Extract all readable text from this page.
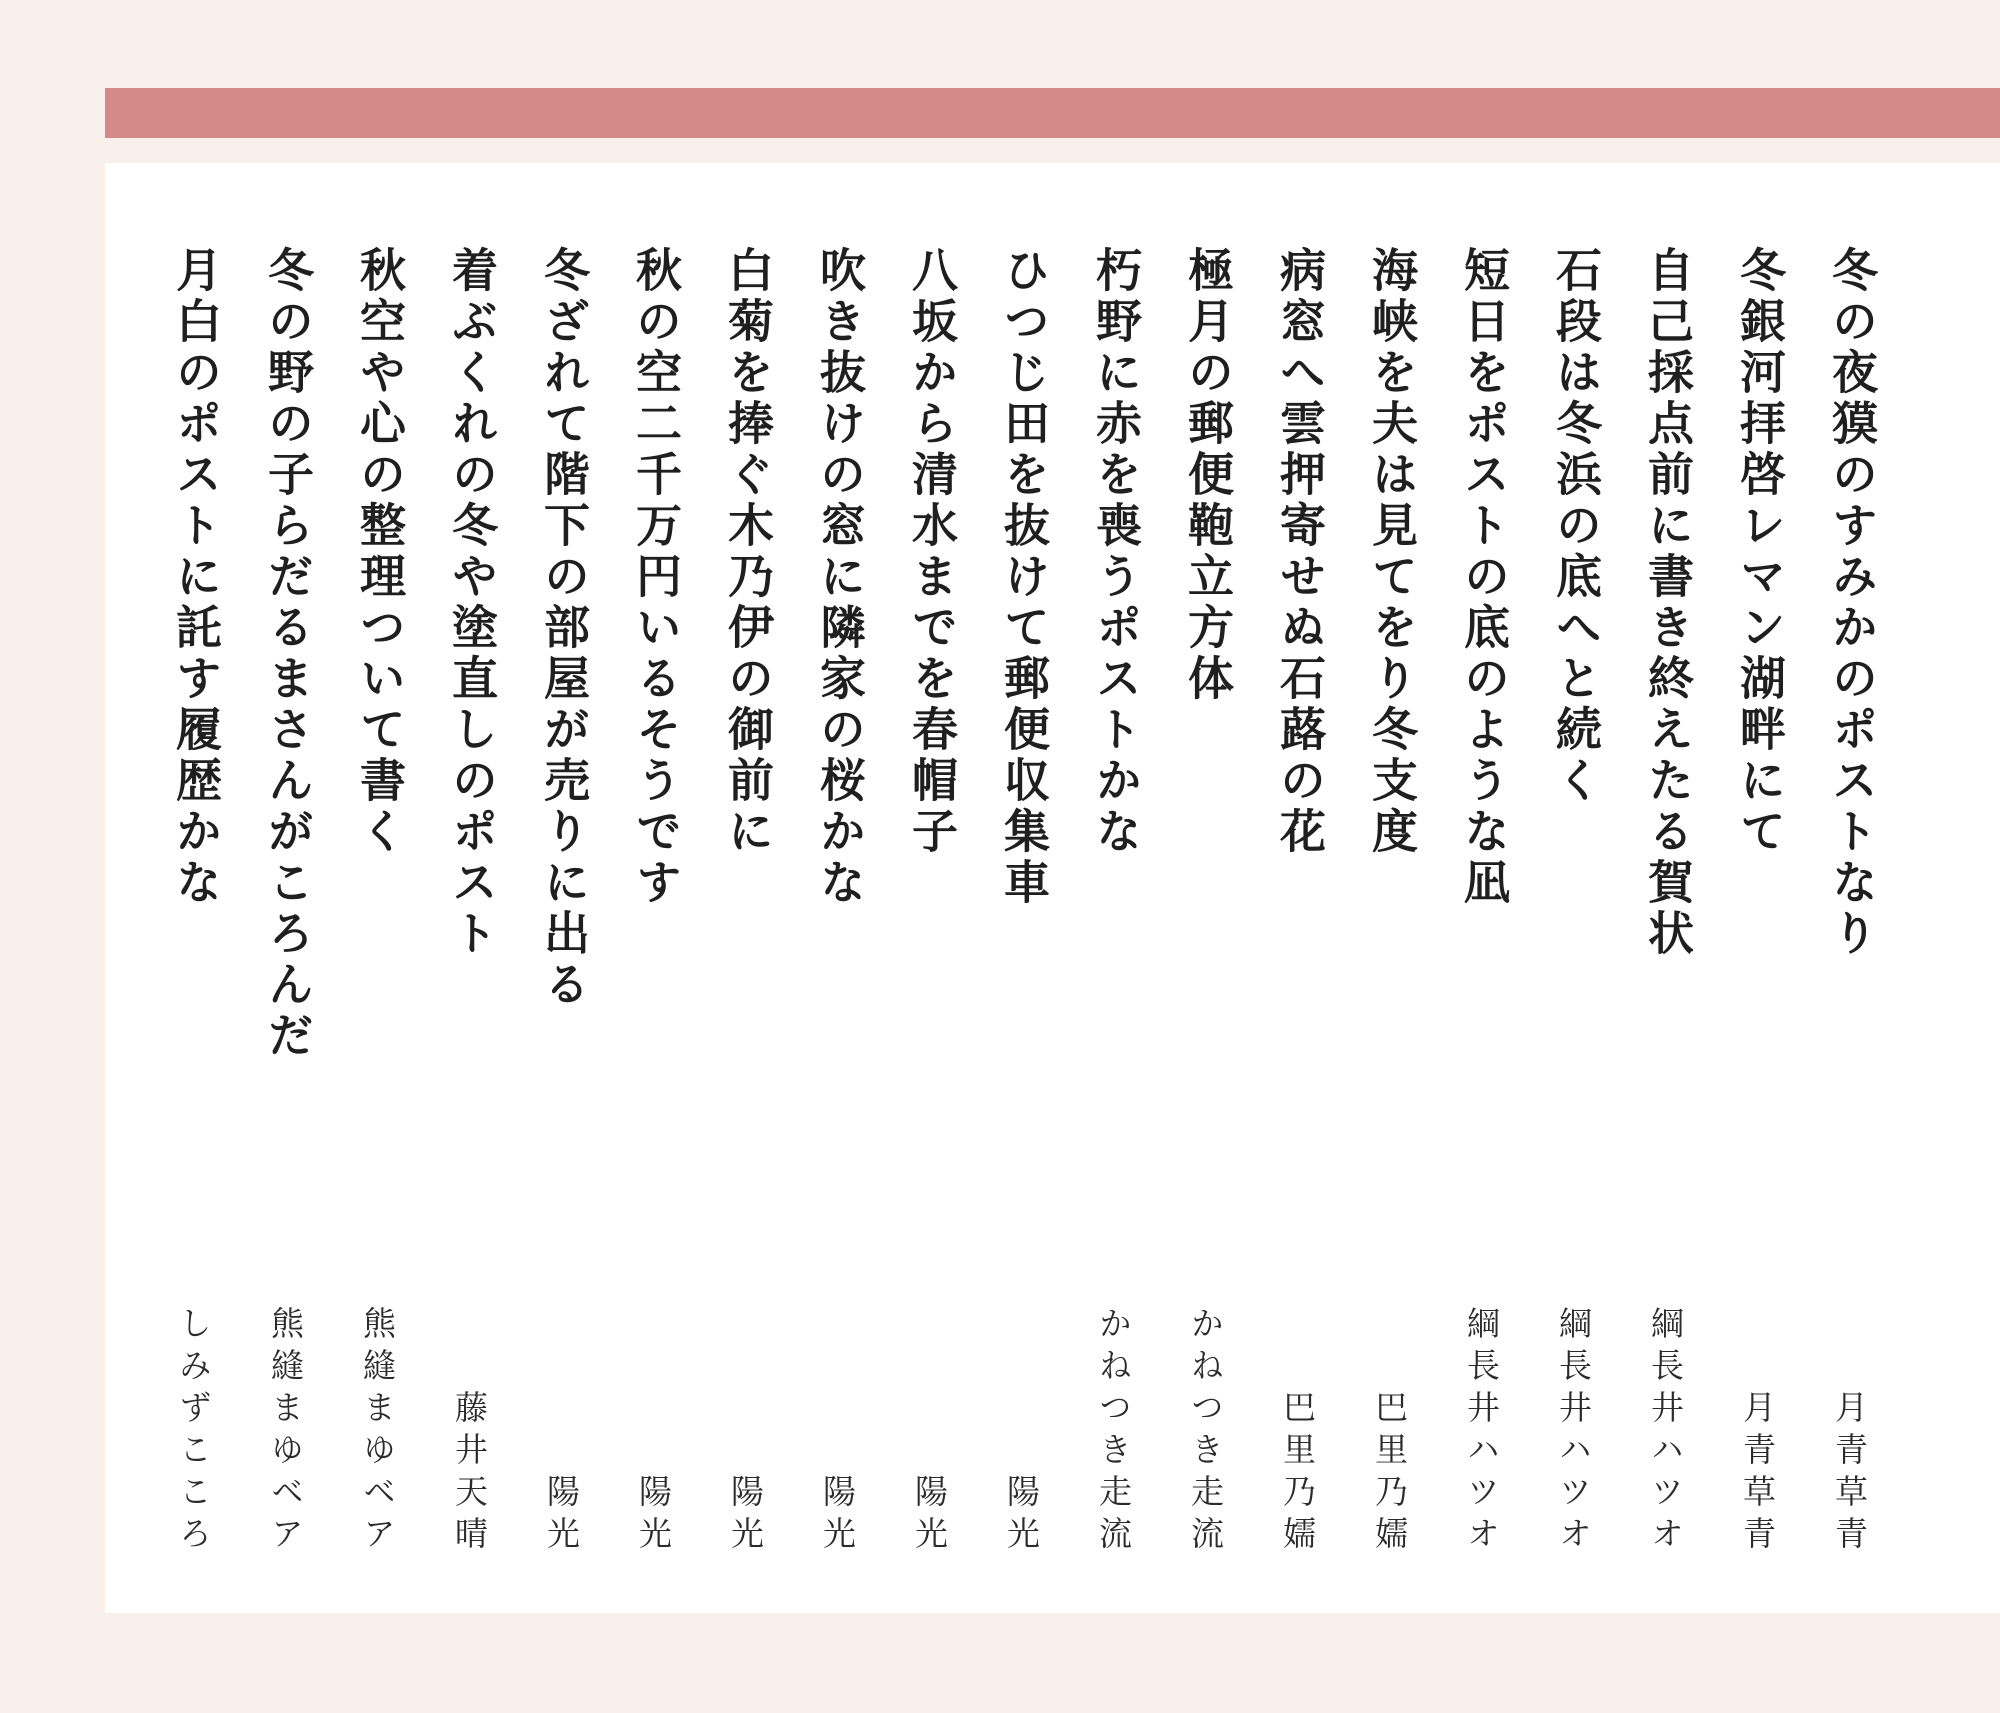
冬の夜獏のすみかのポストなり
月青草青
冬銀河拝啓レマン湖畔にて
月青草青
自己採点前に書き終えたる賀状
綱長井ハツオ
石段は冬浜の底へと続く
綱長井ハツオ
短日をポストの底のような凪
綱長井ハツオ
海峡を夫は見てをり冬支度
巴里乃嬬
病窓へ雲押寄せぬ石蕗の花
巴里乃嬬
極月の郵便鞄立方体
かねつき走流
朽野に赤を喪うポストかな
かねつき走流
ひつじ田を抜けて郵便収集車
陽光
八坂から清水までを春帽子
陽光
吹き抜けの窓に隣家の桜かな
陽光
白菊を捧ぐ木乃伊の御前に
陽光
秋の空二千万円いるそうです
陽光
冬ざれて階下の部屋が売りに出る
陽光
着ぶくれの冬や塗直しのポスト
藤井天晴
秋空や心の整理ついて書く
熊縫まゆベア
冬の野の子らだるまさんがころんだ
熊縫まゆベア
月白のポストに託す履歴かな
しみずこころ
